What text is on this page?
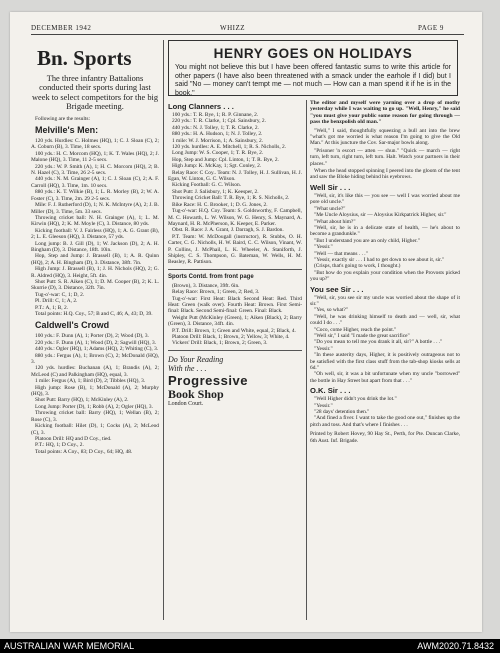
DECEMBER 1942	WHIZZ	PAGE 9
Bn. Sports
The three infantry Battalions conducted their sports during last week to select competitors for the big Brigade meeting.
Following are the results:
Melville's Men:

120 yds. Hurdles: C. Holmes (HQ), 1; C. J. Sloan (C), 2; A. Coburn (B), 3. Time, 18 secs.

100 yds.: H. C. Morcom (HQ), 1; K. T. Wales (HQ), 2; J. Malone (HQ), 3. Time, 11 2-5 secs.

220 yds.: W. P. Smith (A), 1; H. C. Morcom (HQ), 2; B. N. Hazel (C), 3. Time, 26 2-5 secs.

440 yds.: N. M. Grainger (A), 1; C. J. Sloan (C), 2; A. F. Carroll (HQ), 3. Time, 1m. 10 secs.

880 yds.: K. T. Wilkie (B), 1; L. R. Morley (B), 2; W. A. Foster (C), 3. Time, 2m. 29 2-5 secs.

Mile: F. J. Rutherford (D), 1; N. K. McIntyre (A), 2; J. B. Miller (D), 3. Time, 5m. 33 secs.

Throwing cricket ball: N. H. Grainger (A), 1; L. M. Kirwin (HQ), 2; K. M. Moyle (C), 3. Distance, 80 yds.

Kicking football: V. J. Fairless (HQ), 1; A. G. Grant (B), 2; L. E. Gleeson (HQ), 3. Distance, 57 yds.

Long jump: B. J. Gill (D), 1; W. Jackson (D), 2; A. H. Bingham (D), 3. Distance, 18ft. 10in.

Hop, Step and Jump: J. Brassell (B), 1; A. R. Quinn (HQ), 2; A. H. Bingham (D), 3. Distance, 38ft. 7in.

High Jump: J. Brassell (B), 1; J. H. Nichols (HQ), 2; G. R. Aldred (HQ), 3. Height, 5ft. 4in.

Shot Putt: S. R. Aiken (C), 1; D. M. Cooper (B), 2; K. L. Skurrie (D), 3. Distance, 32ft. 7in.

Tug-o'-war: C, 1; D, 2.

Pl. Drill: C, 1; A, 2.

P.T.: A, 1; B, 2.

Total points: H.Q. Coy., 57; B and C, 46; A, 43; D, 39.

Caldwell's Crowd

100 yds.: F. Dunn (A), 1; Porter (D), 2; Wood (D), 3.

220 yds.: F. Dunn (A), 1; Wood (D), 2; Sagwill (HQ), 3.

440 yds.: Ogler (HQ), 1; Adams (HQ), 2; Whiting (C), 3.

880 yds.: Fergus (A), 1; Brown (C), 2; McDonald (HQ), 3.

120 yds. hurdles: Buchanan (A), 1; Brandis (A), 2; McLeod (C) and Palkingham (HQ), equal, 3.

1 mile: Fergus (A), 1; Bird (D), 2; Tibbles (HQ), 3.

High jump: Rose (B), 1; McDonald (A), 2; Murphy (HQ), 3.

Shot Putt: Barry (HQ), 1; McKinley (A), 2.

Long Jump: Porter (D), 1; Robb (A), 2; Ogler (HQ), 3.

Throwing cricket ball: Barry (HQ), 1; Wellan (B), 2; Rose (C), 3.

Kicking football: Hilet (D), 1; Cocks (A), 2; McLeod (C), 3.

Platoon Drill: HQ and D Coy., tied.

P.T.: HQ, 1; D Coy., 2.

Total points: A Coy., 83; D Coy., 64; HQ, 48.

HENRY GOES ON HOLIDAYS

You might not believe this but I have been offered fantastic sums to write this article for other papers (I have also been threatened with a smack under the earhole if I did) but I said "No — money can't tempt me — not much — How can a man spend it if he is in the book."

Long Clanners . . .

100 yds.: T. R. Bye, 1; R. P. Ginnane, 2.

220 yds.: T. R. Clarke, 1; Cpl. Sainsbury, 2.

440 yds.: N. J. Tolley, 1; T. R. Clarke, 2.

880 yds.: H. A. Hudson, 1; N. J. Tolley, 2.

1 mile: W. J. Morrison, 1; A. Sainsbury, 2.

120 yds. hurdles: A. E. Mitchell, 1; R. S. Nicholls, 2.

Long Jump: W. S. Cooper, 1; T. R. Bye, 2.

Hop, Step and Jump: Cpl. Linton, 1; T. R. Bye, 2.

High Jump: K. McKay, 1; Sgt. Conley, 2.

Relay Race: C Coy.. Team: N. J. Tolley, H. J. Sullivan, H. J. Egan, W. Linton, G. C. Wilson.

Kicking Football: G. C. Wilson.

Shot Putt: J. Salisbury, 1; K. Keesper, 2.

Throwing Cricket Ball: T. R. Bye, 1; R. S. Nicholls, 2.

Bike Race: H. C. Brooker, 1; D. G. Jones, 2.

Tug-o'-war: H.Q. Coy. Team: S. Goldsworthy, F. Campbell, M. C. Howarth, L. W. Wilson, W. G. Henry, S. Maynard, A. Maynard, H. R. McPherson, K. Keeper, E. Parker.

Obst. R. Race: J. A. Grant, J. Darragh, S. J. Bardon.

P.T. Team: W. McDougall (instructor), R. Stubbs, O. H. Carter, C. G. Nicholls, H. W. Baird, C. C. Wilson, Vinant, W. P. Collins, J. McPhail, L. K. Wheeler, A. Staniforth, J. Shipley, C. S. Thompson, G. Bateman, W. Wells, H. M. Beasley, R. Pattison.

Sports Contd. from front page

(Brown), 3. Distance, 39ft. 6in.

Relay Race: Brown, 1; Green, 2; Red, 3.

Tug-o'-war: First Heat: Black Second Heat: Red. Third Heat: Green (walk over). Fourth Heat: Brown. First Semi-final: Black. Second Semi-final: Green. Final: Black.

Weight Putt (McKinley (Green), 1; Aiken (Black), 2; Barry (Green), 3. Distance, 34ft. 4in.

P.T. Drill: Brown, 1; Green and White, equal, 2; Black, 4.

Platoon Drill: Black, 1; Brown, 2; Yellow, 3; White, 4.

Vickers' Drill: Black, 1; Brown, 2; Green, 3.

Do Your Reading
With the . . .
Progressive
Book Shop
London Court.
The editor and myself were yarning over a drop of mothy yesterday while I was waiting to go up. "Well, Henry," he said "you must give your public some reason for going through — pass the benzpolish old man."

"Well," I said, thoughtfully squeezing a bull ant into the brew "what's got me worried is what reason I'm going to give the Old Man." At this juncture the Cov. Sar-major bowls along.

"Prisoner 'n escort — atten — shun." "Quick — march — right turn, left turn, right turn, left turn. Halt. Watch your partners in their places."

When the head stopped spinning I peered into the gloom of the tent and saw the Bloke hiding behind his eyebrows.

Well Sir . . .

"Well, sir, it's like this — you see — well I was worried about me pore old uncle."

"What uncle?"

"Me Uncle Aloysius, sir — Aloysius Kirkpatrick Higher, sir."

"What about him?"

"Well, sir, he is in a delicate state of health, — he's about to become a grandunkle."

"But I understand you are an only child, Higher."

"Yessir."

"Well — that means . . ."

"Yessir, exactly sir . . . I had to get down to see about it, sir."

(Crisps, that's going to work, I thought.)

"But how do you explain your condition when the Provosts picked you up?"

You see Sir . . .

"Well, sir, you see sir my uncle was worried about the shape of it sir."

"Yes, so what?"

"Well, he was drinking himself to death and — well, sir, what could I do . . ."

"Coco, come Higher, reach the point."

"Well sir," I said "I made the great sacrifice"

"Do you mean to tell me you drank it all, sir?" A bottle . . ."

"Yessir."

"In these austerity days, Higher, it is positively outrageous not to be satisfied with the first class stuff from the tab-shop kiosks sells at 6d."

"Oh well, sir, it was a bit unfortunate when my uncle "borrowed" the bottle in Hay Street but apart from that . . ."

O.K. Sir . . .

"Well Higher didn't you drink the lot."

"Yessir."

"28 days' detention then."

"And fined a fiver. I want to take the good one out," finishes up the pitch and toss. And that's where I finishes . . .

Printed by Robert Hovey, 90 Hay St., Perth, for Pte. Duncan Clarke, 6th Aust. Inf. Brigade.
AUSTRALIAN WAR MEMORIAL	AWM2020.71.8432
